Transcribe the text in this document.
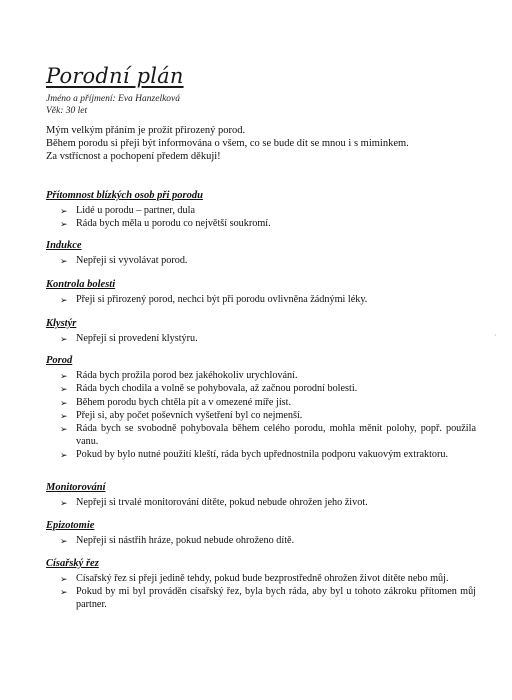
Porodní plán
Jméno a příjmení: Eva Hanzelková
Věk: 30 let
Mým velkým přáním je prožít přirozený porod.
Během porodu si přeji být informována o všem, co se bude dít se mnou i s miminkem.
Za vstřícnost a pochopení předem děkuji!
Přítomnost blízkých osob při porodu
➢ Lidé u porodu – partner, dula
➢ Ráda bych měla u porodu co největší soukromí.
Indukce
➢ Nepřeji si vyvolávat porod.
Kontrola bolesti
➢ Přeji si přirozený porod, nechci být při porodu ovlivněna žádnými léky.
Klystýr
➢ Nepřeji si provedení klystýru.
Porod
➢ Ráda bych prožila porod bez jakéhokoliv urychlování.
➢ Ráda bych chodila a volně se pohybovala, až začnou porodní bolesti.
➢ Během porodu bych chtěla pít a v omezené míře jíst.
➢ Přeji si, aby počet poševních vyšetření byl co nejmenší.
➢ Ráda bych se svobodně pohybovala během celého porodu, mohla měnit polohy, popř. použila vanu.
➢ Pokud by bylo nutné použití kleští, ráda bych upřednostnila podporu vakuovým extraktoru.
Monitorování
➢ Nepřeji si trvalé monitorování dítěte, pokud nebude ohrožen jeho život.
Epizotomie
➢ Nepřeji si nástřih hráze, pokud nebude ohroženo dítě.
Císařský řez
➢ Císařský řez si přeji jedině tehdy, pokud bude bezprostředně ohrožen život dítěte nebo můj.
➢ Pokud by mi byl prováděn císařský řez, byla bych ráda, aby byl u tohoto zákroku přítomen můj partner.
·
